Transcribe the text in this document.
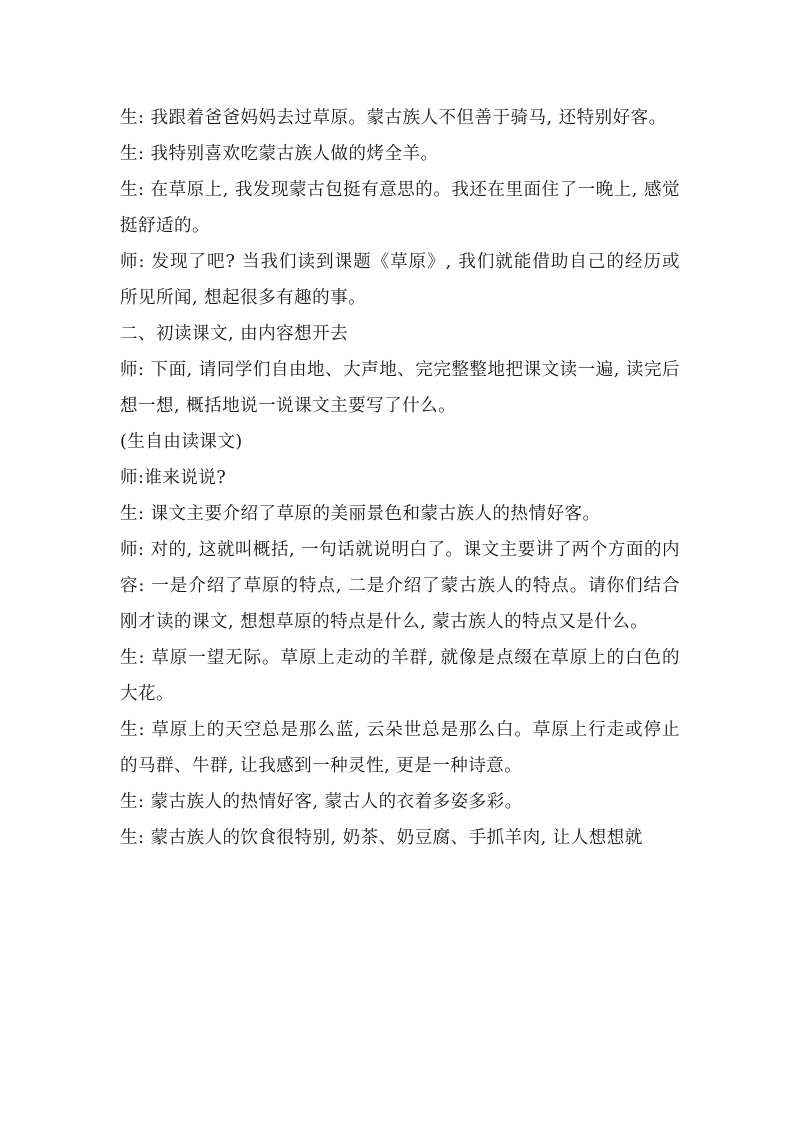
生: 我跟着爸爸妈妈去过草原。蒙古族人不但善于骑马, 还特别好客。

生: 我特别喜欢吃蒙古族人做的烤全羊。

生: 在草原上, 我发现蒙古包挺有意思的。我还在里面住了一晚上, 感觉挺舒适的。

师: 发现了吧? 当我们读到课题《草原》, 我们就能借助自己的经历或所见所闻, 想起很多有趣的事。

二、初读课文, 由内容想开去

师: 下面, 请同学们自由地、大声地、完完整整地把课文读一遍, 读完后想一想, 概括地说一说课文主要写了什么。

(生自由读课文)

师:谁来说说?

生: 课文主要介绍了草原的美丽景色和蒙古族人的热情好客。

师: 对的, 这就叫概括, 一句话就说明白了。课文主要讲了两个方面的内容: 一是介绍了草原的特点, 二是介绍了蒙古族人的特点。请你们结合刚才读的课文, 想想草原的特点是什么, 蒙古族人的特点又是什么。

生: 草原一望无际。草原上走动的羊群, 就像是点缀在草原上的白色的大花。

生: 草原上的天空总是那么蓝, 云朵世总是那么白。草原上行走或停止的马群、牛群, 让我感到一种灵性, 更是一种诗意。

生: 蒙古族人的热情好客, 蒙古人的衣着多姿多彩。

生: 蒙古族人的饮食很特别, 奶茶、奶豆腐、手抓羊肉, 让人想想就
